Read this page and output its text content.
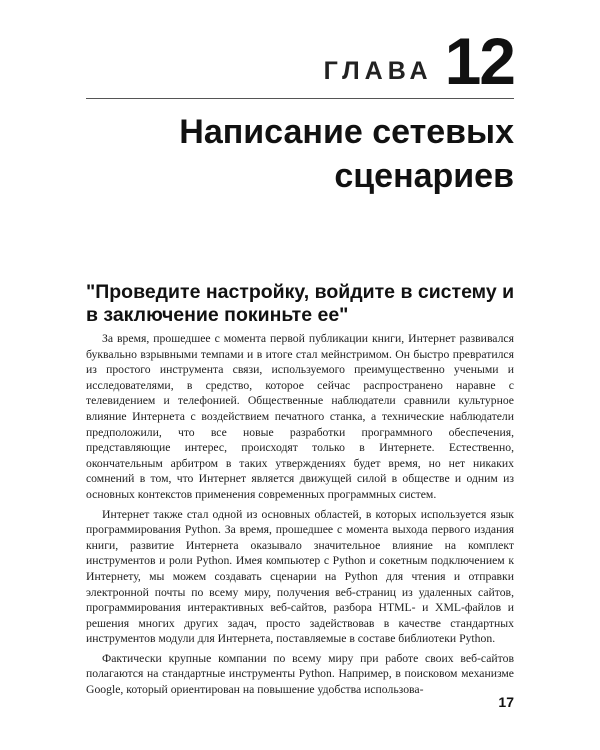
ГЛАВА 12
Написание сетевых сценариев
"Проведите настройку, войдите в систему и в заключение покиньте ее"

За время, прошедшее с момента первой публикации книги, Интернет развивался буквально взрывными темпами и в итоге стал мейнстримом. Он быстро превратился из простого инструмента связи, используемого преимущественно учеными и исследователями, в средство, которое сейчас распространено наравне с телевидением и телефонией. Общественные наблюдатели сравнили культурное влияние Интернета с воздействием печатного станка, а технические наблюдатели предположили, что все новые разработки программного обеспечения, представляющие интерес, происходят только в Интернете. Естественно, окончательным арбитром в таких утверждениях будет время, но нет никаких сомнений в том, что Интернет является движущей силой в обществе и одним из основных контекстов применения современных программных систем.

Интернет также стал одной из основных областей, в которых используется язык программирования Python. За время, прошедшее с момента выхода первого издания книги, развитие Интернета оказывало значительное влияние на комплект инструментов и роли Python. Имея компьютер с Python и сокетным подключением к Интернету, мы можем создавать сценарии на Python для чтения и отправки электронной почты по всему миру, получения веб-страниц из удаленных сайтов, программирования интерактивных веб-сайтов, разбора HTML- и XML-файлов и решения многих других задач, просто задействовав в качестве стандартных инструментов модули для Интернета, поставляемые в составе библиотеки Python.

Фактически крупные компании по всему миру при работе своих веб-сайтов полагаются на стандартные инструменты Python. Например, в поисковом механизме Google, который ориентирован на повышение удобства использова-

17
